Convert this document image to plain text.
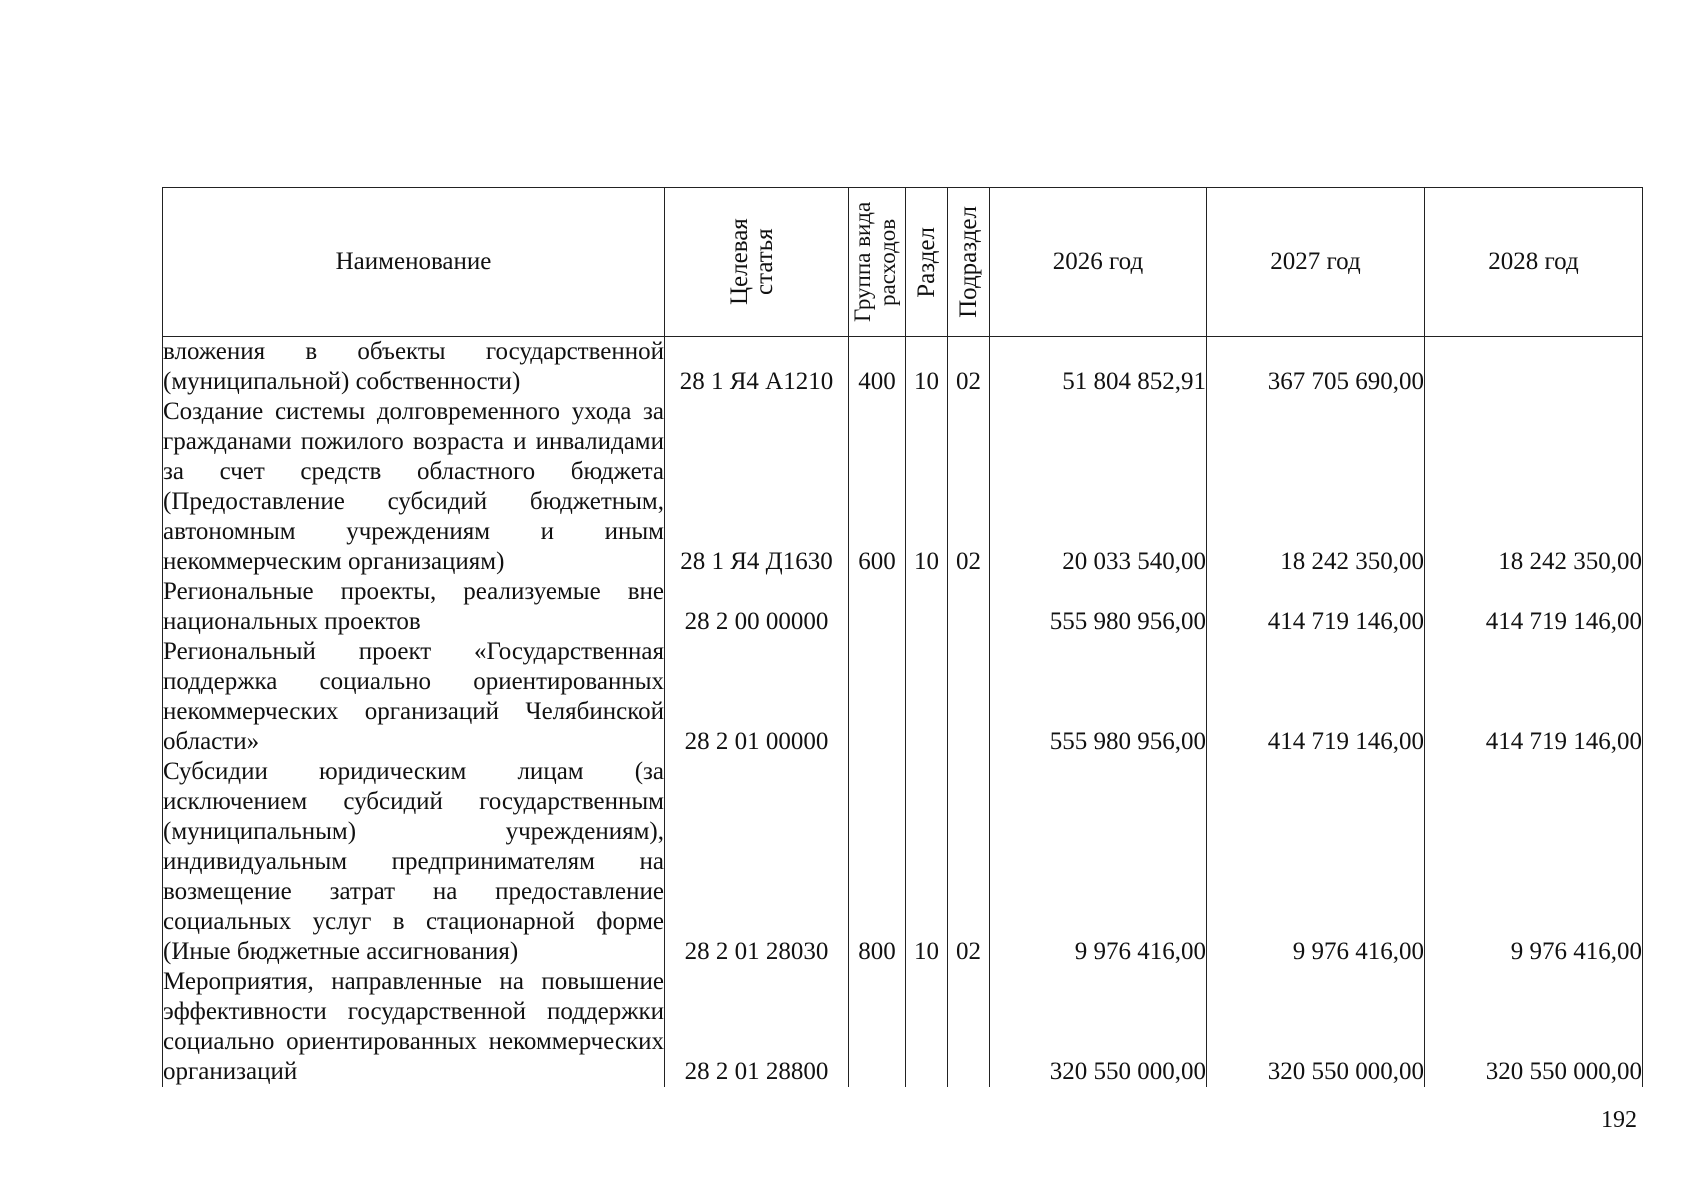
Наименование	Целевая статья	Группа вида расходов	Раздел	Подраздел	2026 год	2027 год	2028 год
вложения в объекты государственной (муниципальной) собственности)	28 1 Я4 А1210	400	10	02	51 804 852,91	367 705 690,00	
Создание системы долговременного ухода за гражданами пожилого возраста и инвалидами за счет средств областного бюджета (Предоставление субсидий бюджетным, автономным учреждениям и иным некоммерческим организациям)	28 1 Я4 Д1630	600	10	02	20 033 540,00	18 242 350,00	18 242 350,00
Региональные проекты, реализуемые вне национальных проектов	28 2 00 00000				555 980 956,00	414 719 146,00	414 719 146,00
Региональный проект «Государственная поддержка социально ориентированных некоммерческих организаций Челябинской области»	28 2 01 00000				555 980 956,00	414 719 146,00	414 719 146,00
Субсидии юридическим лицам (за исключением субсидий государственным (муниципальным) учреждениям), индивидуальным предпринимателям на возмещение затрат на предоставление социальных услуг в стационарной форме (Иные бюджетные ассигнования)	28 2 01 28030	800	10	02	9 976 416,00	9 976 416,00	9 976 416,00
Мероприятия, направленные на повышение эффективности государственной поддержки социально ориентированных некоммерческих организаций	28 2 01 28800				320 550 000,00	320 550 000,00	320 550 000,00
192
